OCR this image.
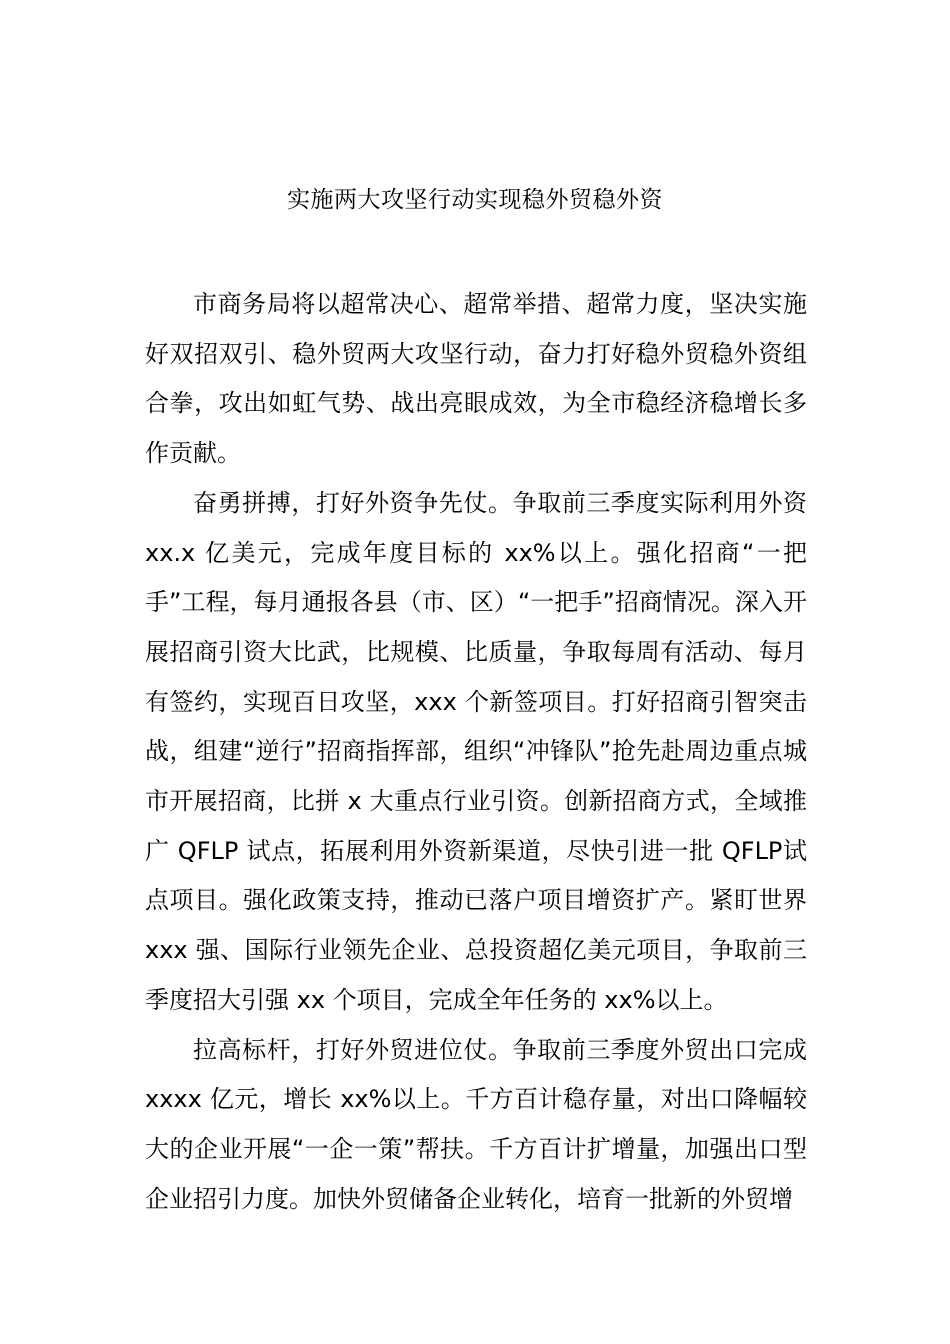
实施两大攻坚行动实现稳外贸稳外资

市商务局将以超常决心、超常举措、超常力度，坚决实施好双招双引、稳外贸两大攻坚行动，奋力打好稳外贸稳外资组合拳，攻出如虹气势、战出亮眼成效，为全市稳经济稳增长多作贡献。

奋勇拼搏，打好外资争先仗。争取前三季度实际利用外资xx.x 亿美元，完成年度目标的 xx%以上。强化招商“一把手”工程，每月通报各县（市、区）“一把手”招商情况。深入开展招商引资大比武，比规模、比质量，争取每周有活动、每月有签约，实现百日攻坚，xxx 个新签项目。打好招商引智突击战，组建“逆行”招商指挥部，组织“冲锋队”抢先赴周边重点城市开展招商，比拼 x 大重点行业引资。创新招商方式，全域推广 QFLP 试点，拓展利用外资新渠道，尽快引进一批 QFLP试点项目。强化政策支持，推动已落户项目增资扩产。紧盯世界 xxx 强、国际行业领先企业、总投资超亿美元项目，争取前三季度招大引强 xx 个项目，完成全年任务的 xx%以上。

拉高标杆，打好外贸进位仗。争取前三季度外贸出口完成xxxx 亿元，增长 xx%以上。千方百计稳存量，对出口降幅较大的企业开展“一企一策”帮扶。千方百计扩增量，加强出口型企业招引力度。加快外贸储备企业转化，培育一批新的外贸增
